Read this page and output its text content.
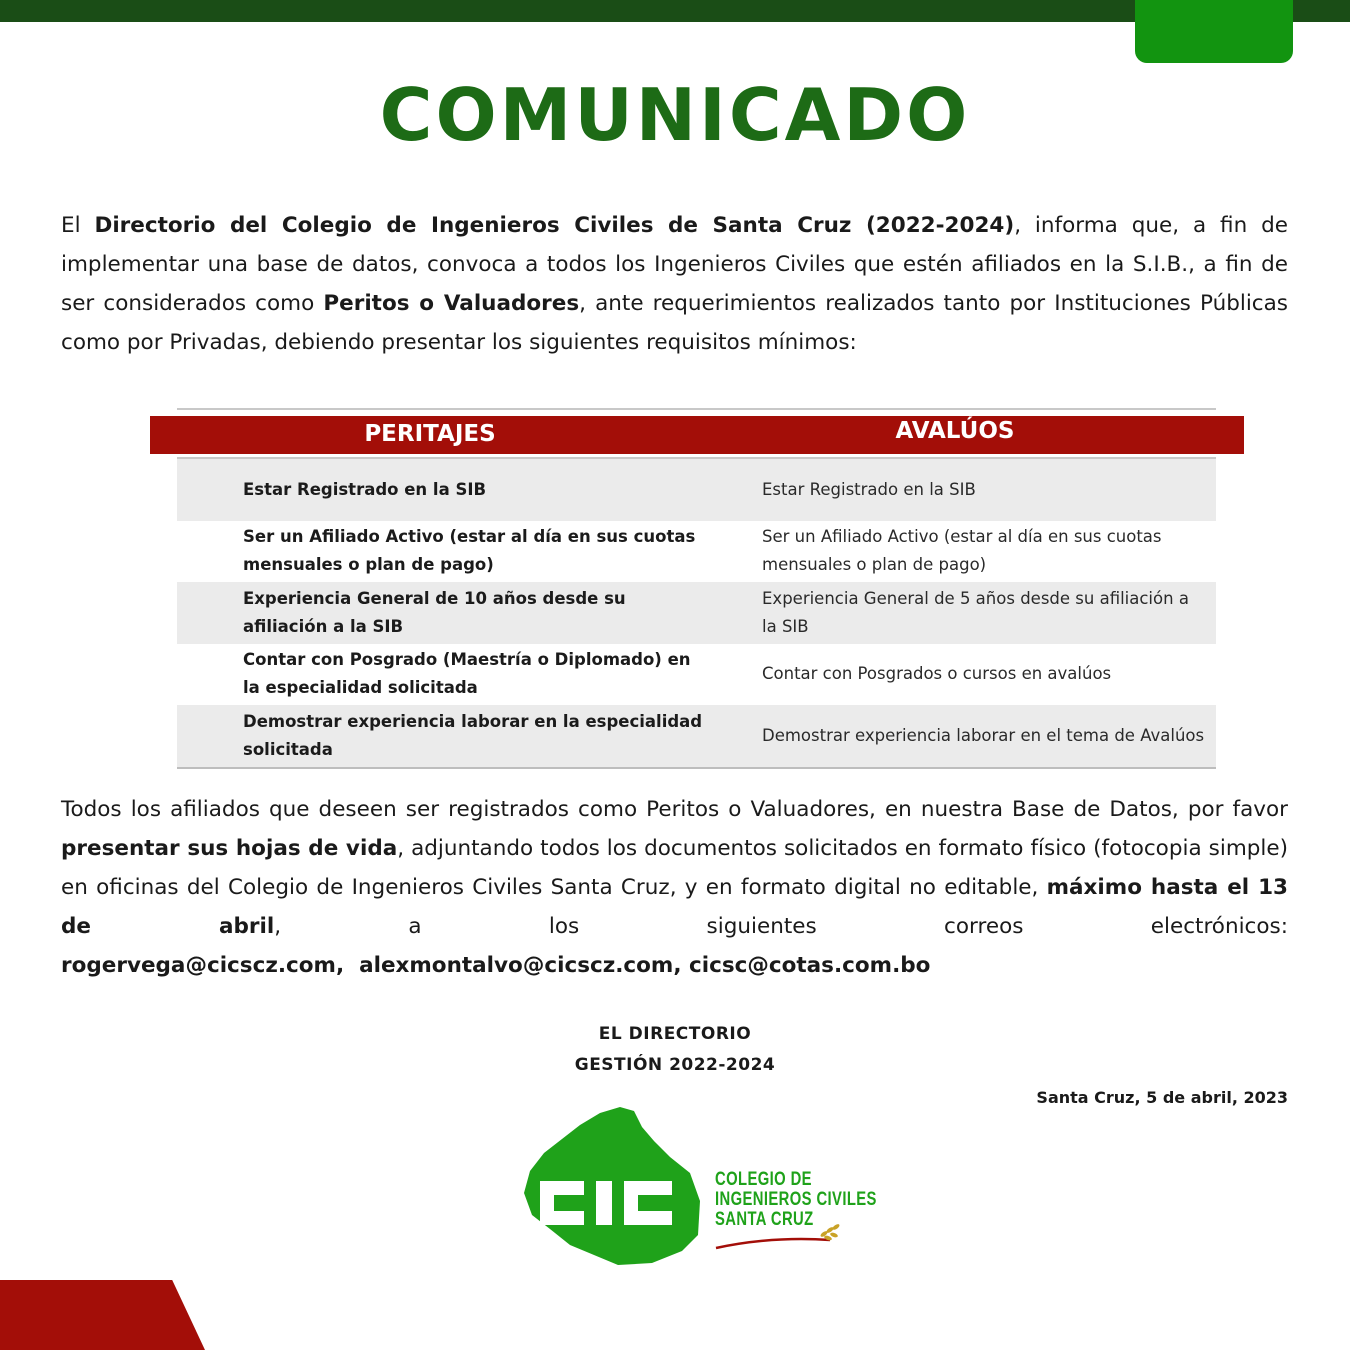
COMUNICADO

El Directorio del Colegio de Ingenieros Civiles de Santa Cruz (2022-2024), informa que, a fin de implementar una base de datos, convoca a todos los Ingenieros Civiles que estén afiliados en la S.I.B., a fin de ser considerados como Peritos o Valuadores, ante requerimientos realizados tanto por Instituciones Públicas como por Privadas, debiendo presentar los siguientes requisitos mínimos:

PERITAJES	AVALÚOS
Estar Registrado en la SIB	Estar Registrado en la SIB
Ser un Afiliado Activo (estar al día en sus cuotas mensuales o plan de pago)
Ser un Afiliado Activo (estar al día en sus cuotas mensuales o plan de pago)
Experiencia General de 10 años desde su afiliación a la SIB
Experiencia General de 5 años desde su afiliación a la SIB
Contar con Posgrado (Maestría o Diplomado) en la especialidad solicitada
Contar con Posgrados o cursos en avalúos
Demostrar experiencia laborar en la especialidad solicitada
Demostrar experiencia laborar en el tema de Avalúos

Todos los afiliados que deseen ser registrados como Peritos o Valuadores, en nuestra Base de Datos, por favor presentar sus hojas de vida, adjuntando todos los documentos solicitados en formato físico (fotocopia simple) en oficinas del Colegio de Ingenieros Civiles Santa Cruz, y en formato digital no editable, máximo hasta el 13 de abril, a los siguientes correos electrónicos: rogervega@cicscz.com,  alexmontalvo@cicscz.com, cicsc@cotas.com.bo

EL DIRECTORIO
GESTIÓN 2022-2024
Santa Cruz, 5 de abril, 2023
CIC
COLEGIO DE
INGENIEROS CIVILES
SANTA CRUZ
